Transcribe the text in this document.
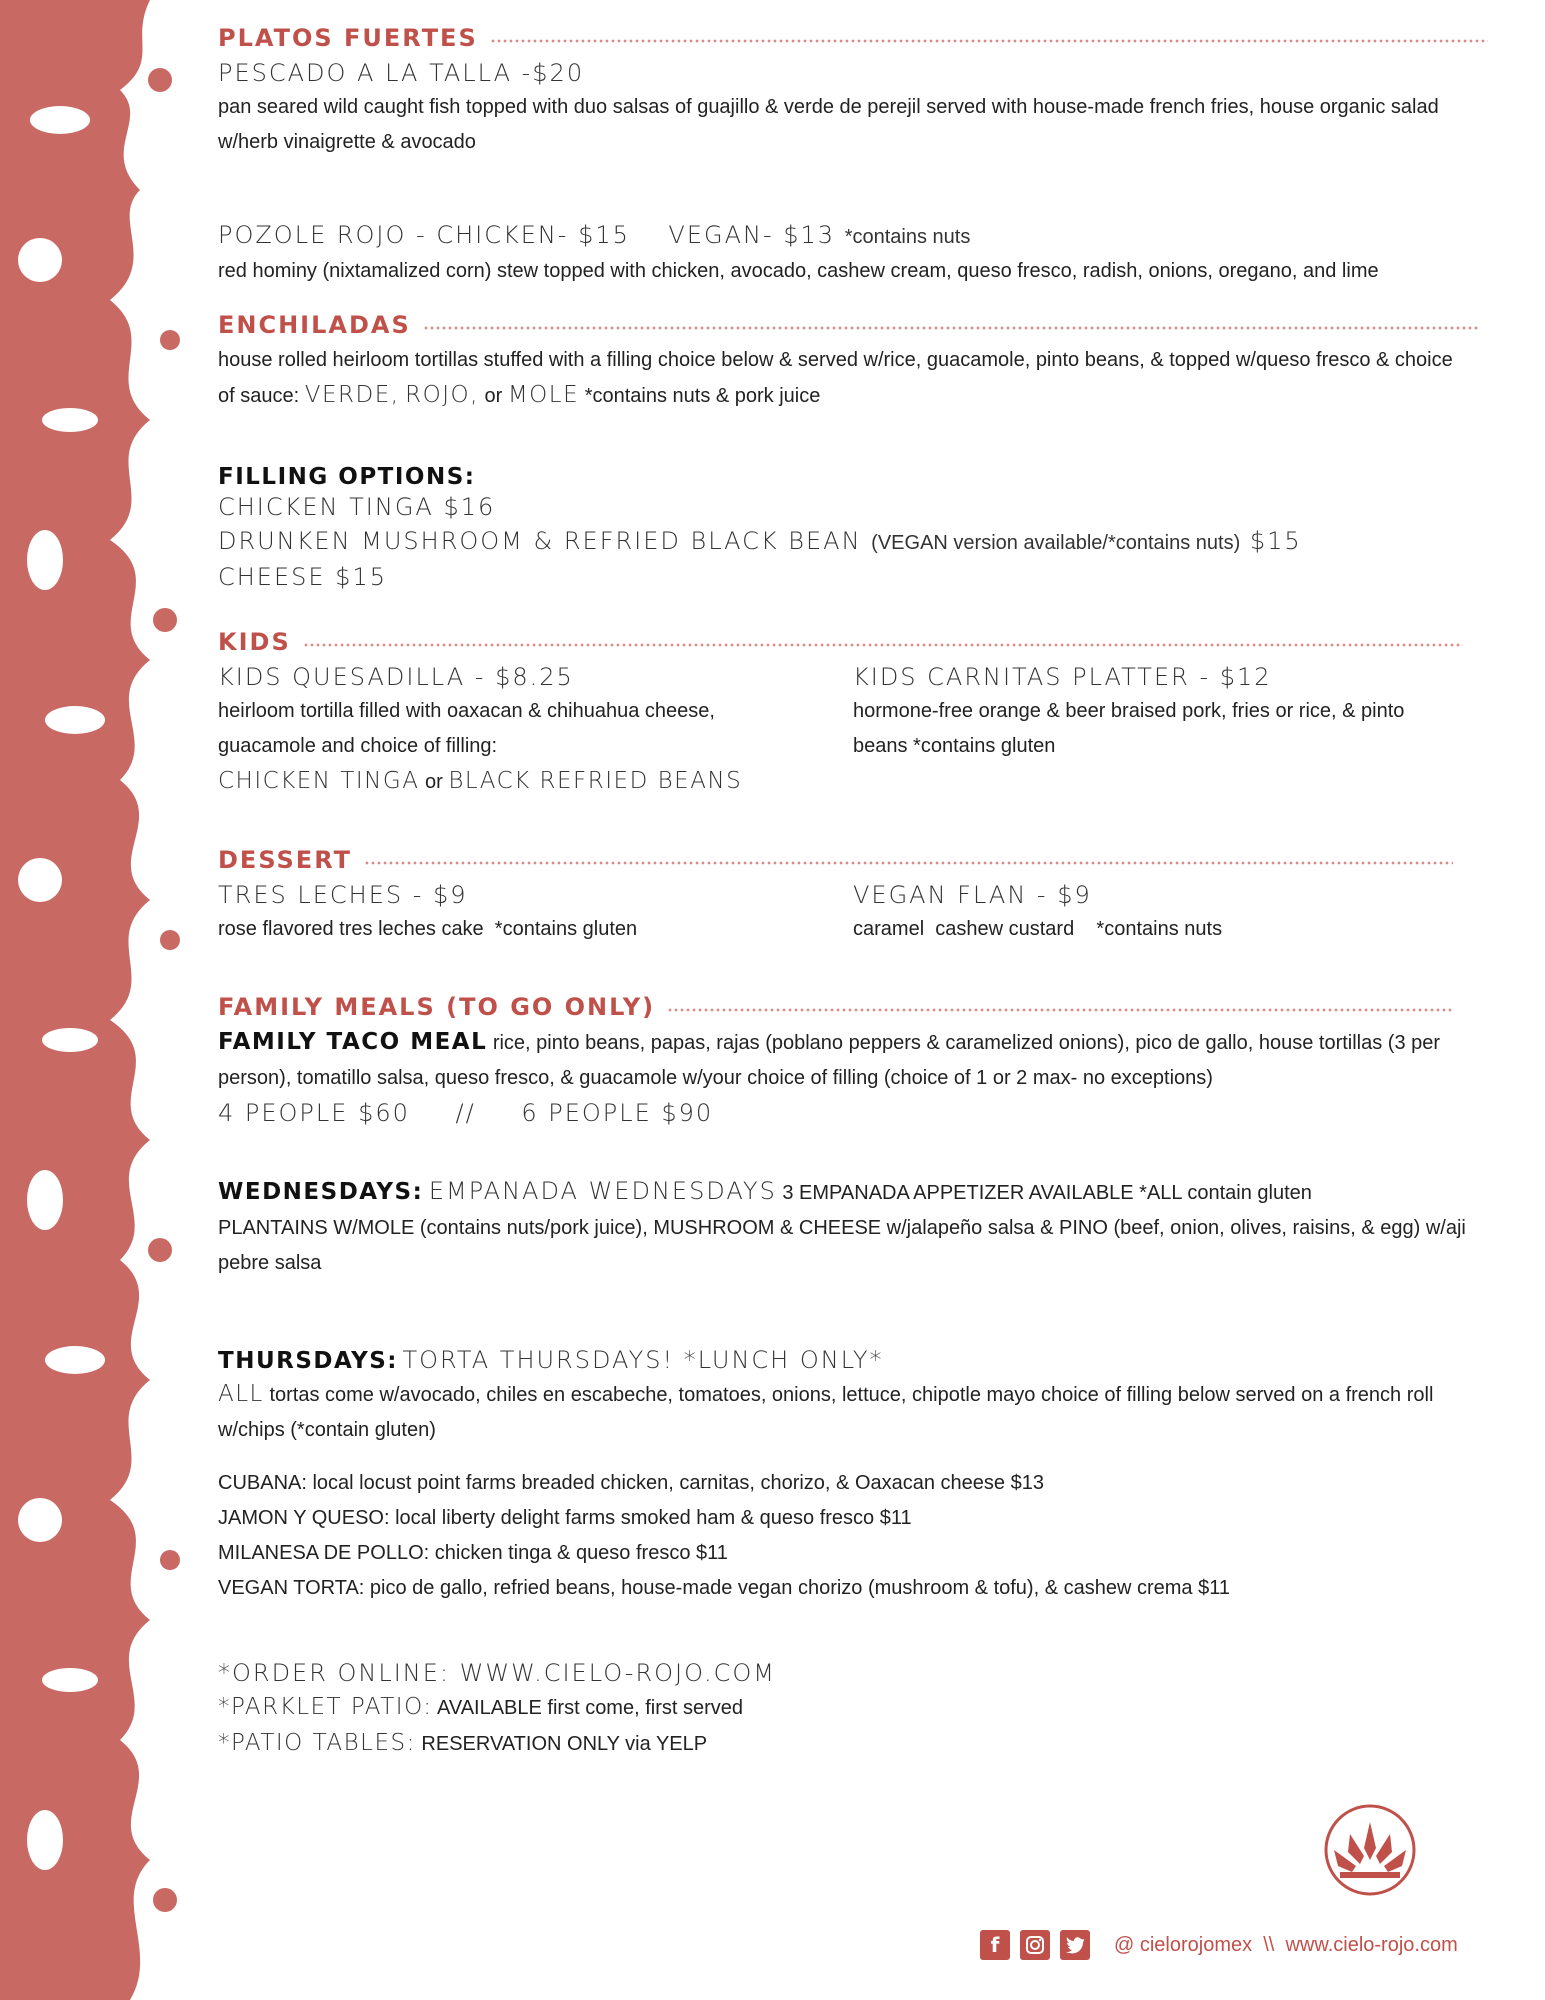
PLATOS FUERTES
PESCADO A LA TALLA -$20
pan seared wild caught fish topped with duo salsas of guajillo & verde de perejil served with house-made french fries, house organic salad w/herb vinaigrette & avocado
POZOLE ROJO - CHICKEN- $15    VEGAN- $13 *contains nuts
red hominy (nixtamalized corn) stew topped with chicken, avocado, cashew cream, queso fresco, radish, onions, oregano, and lime
ENCHILADAS
house rolled heirloom tortillas stuffed with a filling choice below & served w/rice, guacamole, pinto beans, & topped w/queso fresco & choice of sauce: VERDE, ROJO, or MOLE *contains nuts & pork juice
FILLING OPTIONS:
CHICKEN TINGA $16
DRUNKEN MUSHROOM & REFRIED BLACK BEAN (VEGAN version available/*contains nuts) $15
CHEESE $15
KIDS
KIDS QUESADILLA - $8.25
heirloom tortilla filled with oaxacan & chihuahua cheese, guacamole and choice of filling:
CHICKEN TINGA or BLACK REFRIED BEANS
KIDS CARNITAS PLATTER - $12
hormone-free orange & beer braised pork, fries or rice, & pinto beans *contains gluten
DESSERT
TRES LECHES - $9
rose flavored tres leches cake  *contains gluten
VEGAN FLAN - $9
caramel  cashew custard    *contains nuts
FAMILY MEALS (TO GO ONLY)
FAMILY TACO MEAL rice, pinto beans, papas, rajas (poblano peppers & caramelized onions), pico de gallo, house tortillas (3 per person), tomatillo salsa, queso fresco, & guacamole w/your choice of filling (choice of 1 or 2 max- no exceptions)
4 PEOPLE $60 // 6 PEOPLE $90
WEDNESDAYS: EMPANADA WEDNESDAYS 3 EMPANADA APPETIZER AVAILABLE *ALL contain gluten
PLANTAINS W/MOLE (contains nuts/pork juice), MUSHROOM & CHEESE w/jalapeño salsa & PINO (beef, onion, olives, raisins, & egg) w/aji pebre salsa
THURSDAYS: TORTA THURSDAYS! *LUNCH ONLY*
ALL tortas come w/avocado, chiles en escabeche, tomatoes, onions, lettuce, chipotle mayo choice of filling below served on a french roll w/chips (*contain gluten)
CUBANA: local locust point farms breaded chicken, carnitas, chorizo, & Oaxacan cheese $13
JAMON Y QUESO: local liberty delight farms smoked ham & queso fresco $11
MILANESA DE POLLO: chicken tinga & queso fresco $11
VEGAN TORTA: pico de gallo, refried beans, house-made vegan chorizo (mushroom & tofu), & cashew crema $11
*ORDER ONLINE: WWW.CIELO-ROJO.COM
*PARKLET PATIO: AVAILABLE first come, first served
*PATIO TABLES: RESERVATION ONLY via YELP
f	@ cielorojomex  \\  www.cielo-rojo.com
